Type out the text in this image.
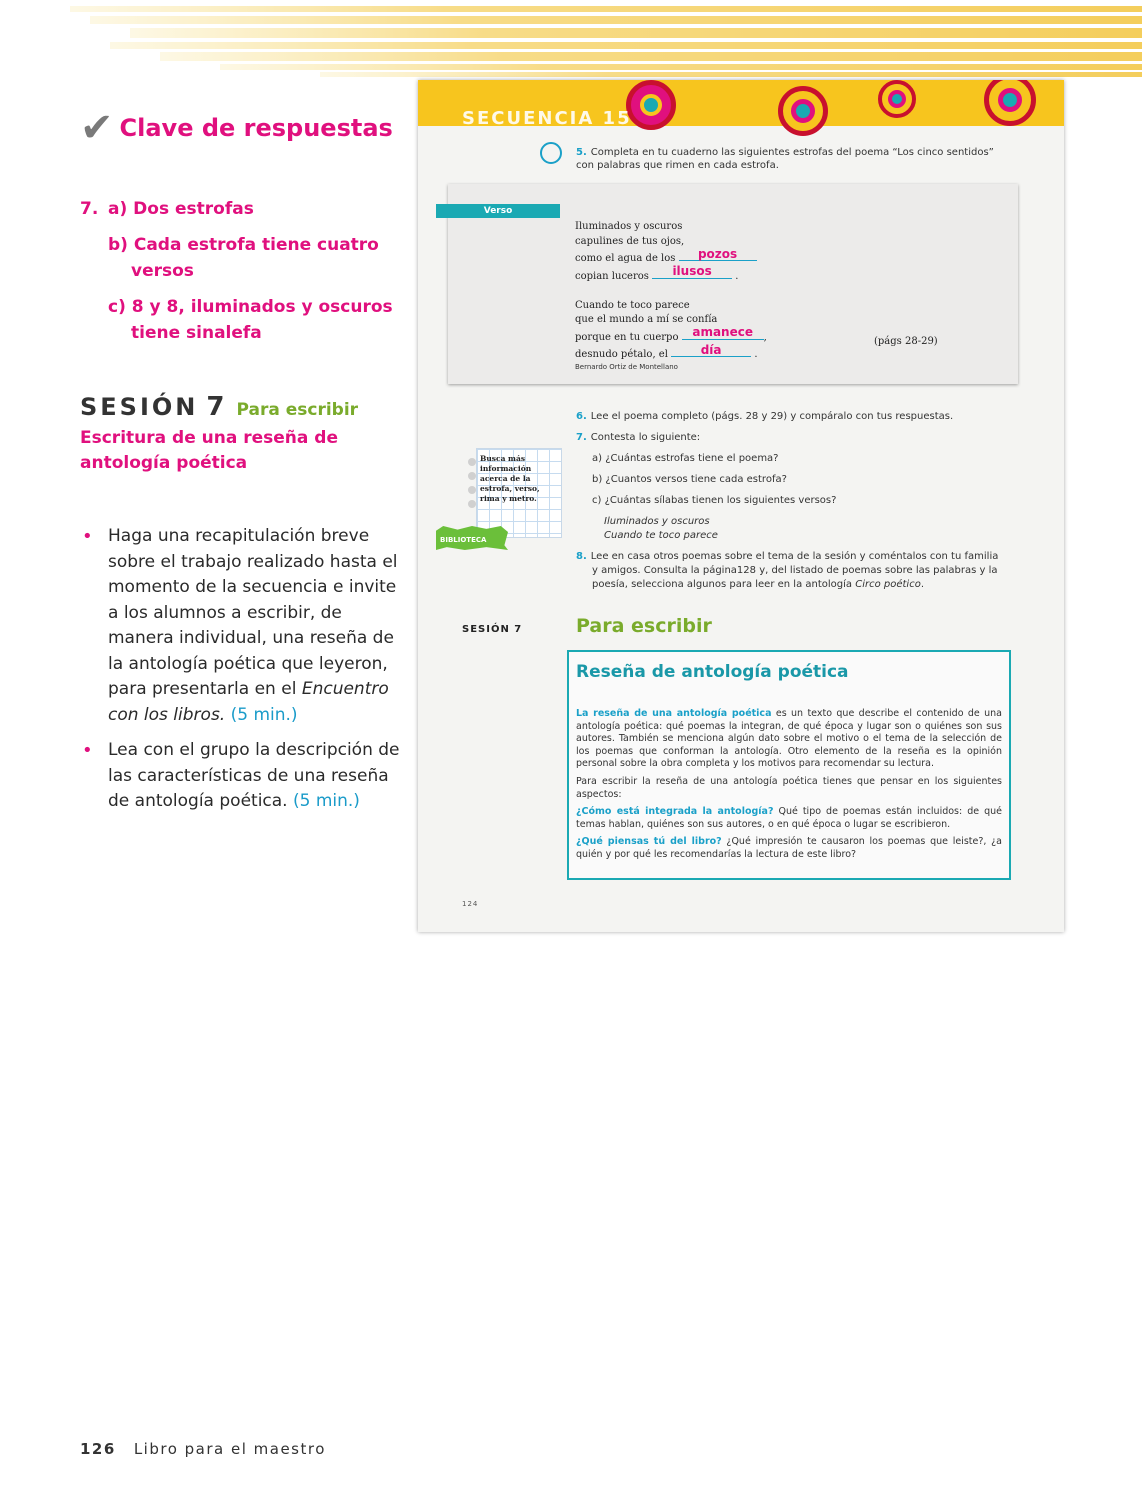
✔ Clave de respuestas
7. a) Dos estrofas
b) Cada estrofa tiene cuatro
versos
c) 8 y 8, iluminados y oscuros
tiene sinalefa
SESIÓN 7 Para escribir
Escritura de una reseña de antología poética
• Haga una recapitulación breve sobre el trabajo realizado hasta el momento de la secuencia e invite a los alumnos a escribir, de manera individual, una reseña de la antología poética que leyeron, para presentarla en el Encuentro con los libros. (5 min.)
• Lea con el grupo la descripción de las características de una reseña de antología poética. (5 min.)
126 Libro para el maestro
SECUENCIA 15
5. Completa en tu cuaderno las siguientes estrofas del poema “Los cinco sentidos” con palabras que rimen en cada estrofa.
Verso
Iluminados y oscuros
capulines de tus ojos,
como el agua de los	pozos
copian luceros	ilusos	.

Cuando te toco parece
que el mundo a mí se confía
porque en tu cuerpo	amanece	,
desnudo pétalo, el	día	.
(págs 28-29)
Bernardo Ortiz de Montellano
Busca más información acerca de la estrofa, verso, rima y metro.
BIBLIOTECA
6. Lee el poema completo (págs. 28 y 29) y compáralo con tus respuestas.
7. Contesta lo siguiente:
a) ¿Cuántas estrofas tiene el poema?
b) ¿Cuantos versos tiene cada estrofa?
c) ¿Cuántas sílabas tienen los siguientes versos?
Iluminados y oscuros
Cuando te toco parece
8. Lee en casa otros poemas sobre el tema de la sesión y coméntalos con tu familia y amigos. Consulta la página128 y, del listado de poemas sobre las palabras y la poesía, selecciona algunos para leer en la antología Circo poético.
SESIÓN 7	Para escribir
Reseña de antología poética

La reseña de una antología poética es un texto que describe el contenido de una antología poética: qué poemas la integran, de qué época y lugar son o quiénes son sus autores. También se menciona algún dato sobre el motivo o el tema de la selección de los poemas que conforman la antología. Otro elemento de la reseña es la opinión personal sobre la obra completa y los motivos para recomendar su lectura.

Para escribir la reseña de una antología poética tienes que pensar en los siguientes aspectos:

¿Cómo está integrada la antología? Qué tipo de poemas están incluidos: de qué temas hablan, quiénes son sus autores, o en qué época o lugar se escribieron.

¿Qué piensas tú del libro? ¿Qué impresión te causaron los poemas que leiste?, ¿a quién y por qué les recomendarías la lectura de este libro?

124
